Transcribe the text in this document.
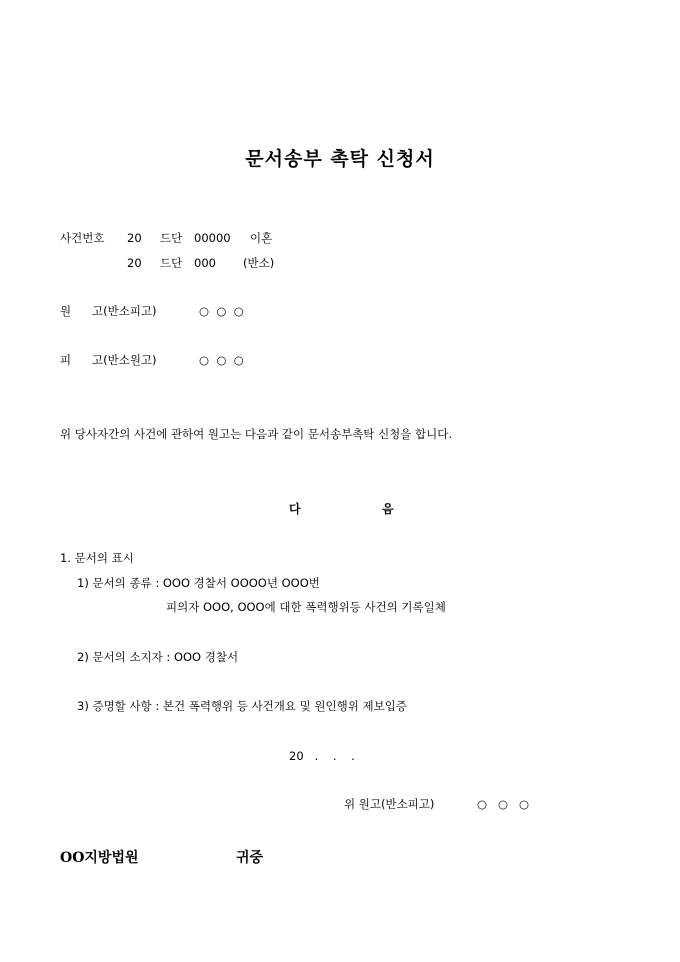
문서송부 촉탁 신청서
사건번호 20 드단 00000 이혼
20 드단 000 (반소)
원 고(반소피고)	○  ○  ○
피 고(반소원고)	○  ○  ○
위 당사자간의 사건에 관하여 원고는 다음과 같이 문서송부촉탁 신청을 합니다.
다	음
1. 문서의 표시
1) 문서의 종류 : OOO 경찰서 OOOO년 OOO번
피의자 OOO, OOO에 대한 폭력행위등 사건의 기록일체
2) 문서의 소지자 : OOO 경찰서
3) 증명할 사항 : 본건 폭력행위 등 사건개요 및 원인행위 제보입증
20   .    .    .
위 원고(반소피고)	○   ○   ○
OO지방법원	귀중
